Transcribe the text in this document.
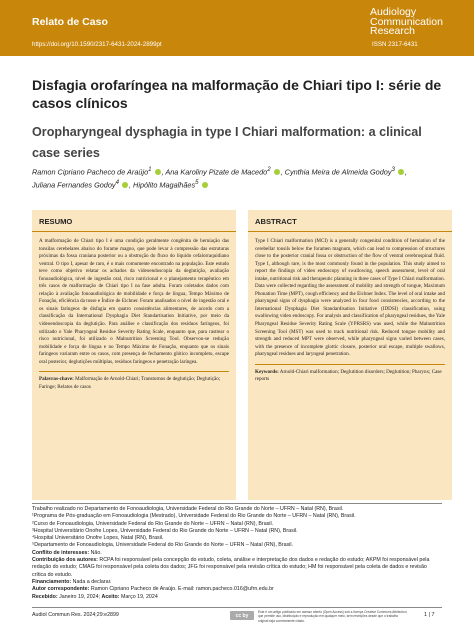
Relato de Caso
https://doi.org/10.1590/2317-6431-2024-2899pt
Audiology
Communication
Research
ISSN 2317-6431
Disfagia orofaríngea na malformação de Chiari tipo I: série de casos clínicos
Oropharyngeal dysphagia in type I Chiari malformation: a clinical case series
Ramon Cipriano Pacheco de Araújo$^1$ , Ana Karoliny Pizate de Macedo$^2$ , Cynthia Meira de Almeida Godoy$^3$ ,
Juliana Fernandes Godoy$^4$ , Hipólito Magalhães$^5$
RESUMO
A malformação de Chiari tipo I é uma condição geralmente congênita de herniação das tonsilas cerebelares abaixo do forame magno, que pode levar à compressão das estruturas próximas da fossa craniana posterior ou a obstrução do fluxo do líquido cefalorraquidiano ventral. O tipo I, apesar de raro, é o mais comumente encontrado na população. Este estudo teve como objetivo relatar os achados da videoendoscopia da deglutição, avaliação fonoaudiológica, nível de ingestão oral, risco nutricional e o planejamento terapêutico em três casos de malformação de Chiari tipo I na fase adulta. Foram coletados dados com relação à avaliação fonoaudiológica de mobilidade e força de língua, Tempo Máximo de Fonação, eficiência da tosse e Índice de Eichner. Foram analisados o nível de ingestão oral e os sinais faríngeos de disfagia em quatro consistências alimentares, de acordo com a classificação da International Dysphagia Diet Standartisation Initiative, por meio da videoendoscopia da deglutição. Para análise e classificação dos resíduos faríngeos, foi utilizado o Yale Pharyngeal Residue Severity Rating Scale, enquanto que, para rastrear o risco nutricional, foi utilizado o Malnutrition Screening Tool. Observou-se redução mobilidade e força de língua e no Tempo Máximo de Fonação, enquanto que os sinais faríngeos variaram entre os casos, com presença de fechamento glótico incompleto, escape oral posterior, deglutições múltiplas, resíduos faríngeos e penetração laríngea.
Palavras-chave: Malformação de Arnold-Chiari; Transtornos de deglutição; Deglutição; Faringe; Relatos de casos
ABSTRACT
Type I Chiari malformation (MCI) is a generally congenital condition of herniation of the cerebellar tonsils below the foramen magnum, which can lead to compression of structures close to the posterior cranial fossa or obstruction of the flow of ventral cerebrospinal fluid. Type I, although rare, is the most commonly found in the population. This study aimed to report the findings of video endoscopy of swallowing, speech assessment, level of oral intake, nutritional risk and therapeutic planning in three cases of Type I Chiari malformation. Data were collected regarding the assessment of mobility and strength of tongue, Maximum Phonation Time (MPT), cough efficiency and the Eichner Index. The level of oral intake and pharyngeal signs of dysphagia were analyzed in four food consistencies, according to the International Dysphagia Diet Standardisation Initiative (IDDSI) classification, using swallowing video endoscopy. For analysis and classification of pharyngeal residues, the Yale Pharyngeal Residue Severity Rating Scale (YPRSRS) was used, while the Malnutrition Screening Tool (MST) was used to track nutritional risk. Reduced tongue mobility and strength and reduced MPT were observed, while pharyngeal signs varied between cases, with the presence of incomplete glottic closure, posterior oral escape, multiple swallows, pharyngeal residues and laryngeal penetration.
Keywords: Arnold-Chiari malformation; Deglutition disorders; Deglutition; Pharynx; Case reports
Trabalho realizado no Departamento de Fonoaudiologia, Universidade Federal do Rio Grande do Norte – UFRN – Natal (RN), Brasil.
¹Programa de Pós-graduação em Fonoaudiologia (Mestrado), Universidade Federal do Rio Grande do Norte – UFRN – Natal (RN), Brasil.
²Curso de Fonoaudiologia, Universidade Federal do Rio Grande do Norte – UFRN – Natal (RN), Brasil.
³Hospital Universitário Onofre Lopes, Universidade Federal do Rio Grande do Norte – UFRN – Natal (RN), Brasil.
⁴Hospital Universitário Onofre Lopes, Natal (RN), Brasil.
⁵Departamento de Fonoaudiologia, Universidade Federal do Rio Grande do Norte – UFRN – Natal (RN), Brasil.
Conflito de interesses: Não.
Contribuição dos autores: RCPA foi responsável pela concepção do estudo, coleta, análise e interpretação dos dados e redação do estudo; AKPM foi responsável pela redação do estudo; CMAG foi responsável pela coleta dos dados; JFG foi responsável pela revisão crítica do estudo; HM foi responsável pela coleta de dados e revisão crítica do estudo.
Financiamento: Nada a declarar.
Autor correspondente: Ramon Cipriano Pacheco de Araújo. E-mail: ramon.pacheco.016@ufrn.edu.br
Recebido: Janeiro 19, 2024; Aceito: Março 19, 2024
Audiol Commun Res. 2024;29:e2899	cc by
Este é um artigo publicado em acesso aberto (Open Access) sob a licença Creative Commons Attribution, que permite uso, distribuição e reprodução em qualquer meio, sem restrições desde que o trabalho original seja corretamente citado.
1 | 7
